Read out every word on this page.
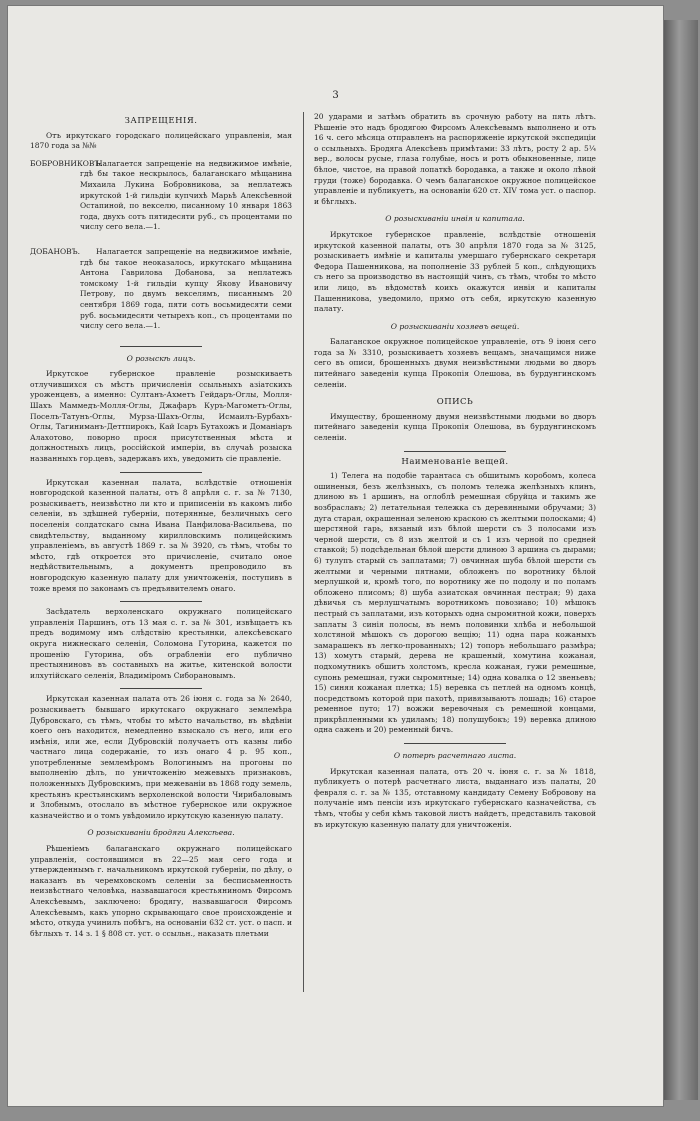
3
ЗАПРЕЩЕНІЯ.
Отъ иркутскаго городскаго полицейскаго управленія, мая 1870 года за №№
БОБРОВНИКОВЪ.
Налагается запрещеніе на недвижимое имѣніе, гдѣ бы такое нескрылось, балаганскаго мѣщанина Михаила Лукина Бобровникова, за неплатежъ иркутской 1-й гильдіи купчихѣ Марьѣ Алексѣевной Остапиной, по векселю, писанному 10 января 1863 года, двухъ сотъ пятидесяти руб., съ процентами по числу сего вела.—1.
ДОБАНОВЪ.	Налагается запрещеніе на недвижимое имѣніе, гдѣ бы такое неоказалось, иркутскаго мѣщанина Антона Гаврилова Добанова, за неплатежъ томскому 1-й гильдіи купцу Якову Ивановичу Петрову, по двумъ векселямъ, писаннымъ 20 сентября 1869 года, пяти сотъ восьмидесяти семи руб. восьмидесяти четырехъ коп., съ процентами по числу сего вела.—1.
О розыскѣ лицъ.
Иркутское губернское правленіе розыскиваетъ отлучившихся съ мѣстъ причисленія ссыльныхъ азіатскихъ уроженцевъ, а именно: Султанъ-Ахметъ Гейдаръ-Оглы, Молля-Шахъ Маммедъ-Молля-Оглы, Джафаръ Куръ-Магометъ-Оглы, Поселъ-Татунъ-Оглы, Мурза-Шахъ-Оглы, Исмаилъ-Бурбахъ-Оглы, Тагиниманъ-Деттпирокъ, Кай Ісаръ Бутахожъ и Доманіаръ Алахотово, поворно прося присутственныя мѣста и должностныхъ лицъ, россійской имперіи, въ случаѣ розыска названныхъ гор.цевъ, задержавъ ихъ, уведомить сіе правленіе.
Иркутская казенная палата, вслѣдствіе отношенія новгородской казенной палаты, отъ 8 апрѣля с. г. за № 7130, розыскиваетъ, неизвѣстно ли кто и приписеніи въ какомъ либо селеніи, въ здѣшней губерніи, потерянные, безличныхъ сего поселенія солдатскаго сына Ивана Панфилова-Васильева, по свидѣтельству, выданному кирилловскимъ полицейскимъ управленіемъ, въ августѣ 1869 г. за № 3920, съ тѣмъ, чтобы то мѣсто, гдѣ откроется это причисленіе, считало оное недѣйствительнымъ, а документъ препроводило въ новгородскую казенную палату для уничтоженія, поступивъ в тоже время по законамъ съ предъявителемъ онаго.
Засѣдатель верхоленскаго окружнаго полицейскаго управленія Паршинъ, отъ 13 мая с. г. за № 301, извѣщаетъ къ предъ водимому имъ слѣдствію крестьянки, алексѣевскаго округа нижнескаго селенія, Соломона Гуторина, кажется по прошенію Гуторина, объ ограбленіи его публично престыяниновъ въ составныхъ на житье, китенской волости илхутійскаго селенія, Владиміромъ Сиборановымъ.
Иркутская казенная палата отъ 26 іюня с. года за № 2640, розыскиваетъ бывшаго иркутскаго окружнаго землемѣра Дубровскаго, съ тѣмъ, чтобы то мѣсто начальство, въ вѣдѣніи коего онъ находится, немедленно взыскало съ него, или его имѣнія, или же, если Дубровскій получаетъ отъ казны либо частнаго лица содержаніе, то изъ онаго 4 р. 95 коп., употребленные землемѣромъ Вологинымъ на прогоны по выполненію дѣлъ, по уничтоженію межевыхъ признаковъ, положенныхъ Дубровскимъ, при межеваніи въ 1868 году земель, крестьянъ крестьянскимъ верхоленской волости Чирибаловымъ и Злобнымъ, отослало въ мѣстное губернское или окружное казначейство и о томъ увѣдомило иркутскую казенную палату.
О розыскиваніи бродяги Алексѣева.
Рѣшеніемъ балаганскаго окружнаго полицейскаго управленія, состоявшимся въ 22—25 мая сего года и утвержденнымъ г. начальникомъ иркутской губерніи, по дѣлу, о наказанъ въ черемховскомъ селеніи за бесписьменность неизвѣстнаго человѣка, назвавшагося крестьяниномъ Фирсомъ Алексѣевымъ, заключено: бродягу, назвавшагося Фирсомъ Алексѣевымъ, какъ упорно скрывающаго свое происхожденіе и мѣсто, откуда учинилъ побѣгъ, на основаніи 632 ст. уст. о пасп. и бѣглыхъ т. 14 з. 1 § 808 ст. уст. о ссыльн., наказать плетьми
20 ударами и затѣмъ обратить въ срочную работу на пять лѣтъ. Рѣшеніе это надъ бродягою Фирсомъ Алексѣевымъ выполнено и отъ 16 ч. сего мѣсяца отправленъ на распоряженіе иркутской экспедиціи о ссыльныхъ. Бродяга Алексѣевъ примѣтами: 33 лѣтъ, росту 2 ар. 5¼ вер., волосы русые, глаза голубые, носъ и ротъ обыкновенные, лице бѣлое, чистое, на правой лопаткѣ бородавка, а также и около лѣвой груди (тоже) бородавка. О чемъ балаганское окружное полицейское управленіе и публикуетъ, на основаніи 620 ст. XIV тома уст. о паспор. и бѣглыхъ.
О розыскиваніи инвія и капитала.
Иркутское губернское правленіе, вслѣдствіе отношенія иркутской казенной палаты, отъ 30 апрѣля 1870 года за № 3125, розыскиваетъ имѣніе и капиталы умершаго губернскаго секретаря Федора Пашенникова, на пополненіе 33 рублей 5 коп., слѣдующихъ съ него за производство въ настоящій чинъ, съ тѣмъ, чтобы то мѣсто или лицо, въ вѣдомствѣ коихъ окажутся инвія и капиталы Пашенникова, уведомило, прямо отъ себя, иркутскую казенную палату.
О розыскиваніи хозяевъ вещей.
Балаганское окружное полицейское управленіе, отъ 9 іюня сего года за № 3310, розыскиваетъ хозяевъ вещамъ, значащимся ниже сего въ описи, брошенныхъ двумя неизвѣстными людьми во дворъ питейнаго заведенія купца Прокопія Олешова, въ бурдунгинскомъ селеніи.
ОПИСЬ
Имуществу, брошенному двумя неизвѣстными людьми во дворъ питейнаго заведенія купца Прокопія Олешова, въ бурдунгинскомъ селеніи.
Наименованіе вещей.
1) Телега на подобіе тарантаса съ обшитымъ коробомъ, колеса ошиненыя, безъ желѣзныхъ, съ поломъ тележа желѣзныхъ клинъ, длиною въ 1 аршинъ, на оглоблѣ ремешная сбруйца и такимъ же возбраславъ; 2) летательная тележка съ деревянными обручами; 3) дуга старая, окрашенная зеленою краскою съ желтыми полосками; 4) шерстяной гарь, вязаный изъ бѣлой шерсти съ 3 полосами изъ черной шерсти, съ 8 изъ желтой и съ 1 изъ черной по средней ставкой; 5) подсѣдельная бѣлой шерсти длиною 3 аршина съ дырами; 6) тулупъ старый съ заплатами; 7) овчинная шуба бѣлой шерсти съ желтыми и черными пятнами, обложенъ по воротнику бѣлой мерлушкой и, кромѣ того, по воротнику же по подолу и по поламъ обложено плисомъ; 8) шуба азиатская овчинная пестрая; 9) даха дѣвичья съ мерлушчатымъ воротникомъ повозиаво; 10) мѣшокъ пестрый съ заплатами, изъ которыхъ одна сыромятной кожи, поверхъ заплаты 3 синія полосы, въ немъ половинки хлѣба и небольшой холстяной мѣшокъ съ дорогою вещію; 11) одна пара кожаныхъ замарашекъ въ легко-прованныхъ; 12) топоръ небольшаго размѣра; 13) хомутъ старый, дерева не крашеный, хомутина кожаная, подхомутникъ обшитъ холстомъ, кресла кожаная, гужи ремешные, супонь ремешная, гужи сыромятные; 14) одна ковалка о 12 звеньевъ; 15) синяя кожаная плетка; 15) веревка съ петлей на одномъ концѣ, посредствомъ которой при пахотѣ, привязываютъ лошадь; 16) старое ременное путо; 17) вожжи веревочныя съ ремешной концами, прикрѣпленными къ удиламъ; 18) полушубокъ; 19) веревка длиною одна сажень и 20) ременный бичъ.
О потерѣ расчетнаго листа.
Иркутская казенная палата, отъ 20 ч. іюня с. г. за № 1818, публикуетъ о потерѣ расчетнаго листа, выданнаго изъ палаты, 20 февраля с. г. за № 135, отставному кандидату Семену Бобровову на получаніе имъ пенсіи изъ иркутскаго губернскаго казначейства, съ тѣмъ, чтобы у себя кѣмъ таковой листъ найдетъ, представилъ таковой въ иркутскую казенную палату для уничтоженія.
